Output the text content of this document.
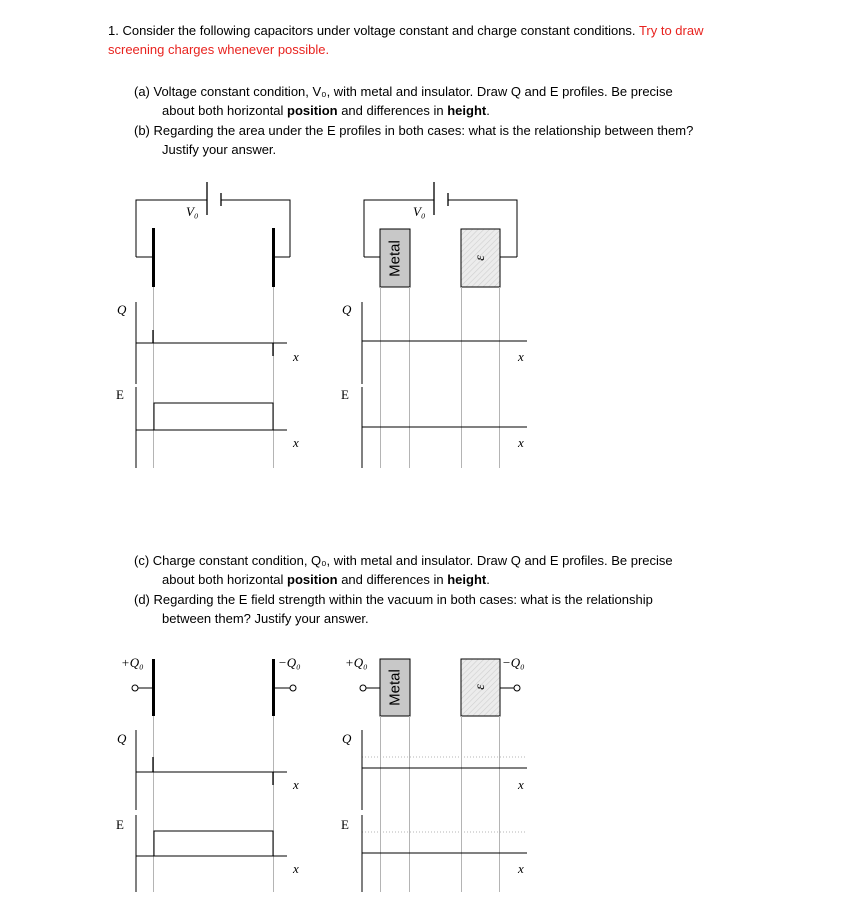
1. Consider the following capacitors under voltage constant and charge constant conditions. Try to draw
screening charges whenever possible.
(a) Voltage constant condition, V₀, with metal and insulator. Draw Q and E profiles. Be precise
about both horizontal position and differences in height.
(b) Regarding the area under the E profiles in both cases: what is the relationship between them?
Justify your answer.
(c) Charge constant condition, Q₀, with metal and insulator. Draw Q and E profiles. Be precise
about both horizontal position and differences in height.
(d) Regarding the E field strength within the vacuum in both cases: what is the relationship
between them? Justify your answer.
V₀
Q
x
E
x
V₀
Metal	ε
Q
x
E
x
+Q₀	−Q₀
Q
x
E
x
+Q₀	−Q₀
Metal	ε
Q
x
E
x
